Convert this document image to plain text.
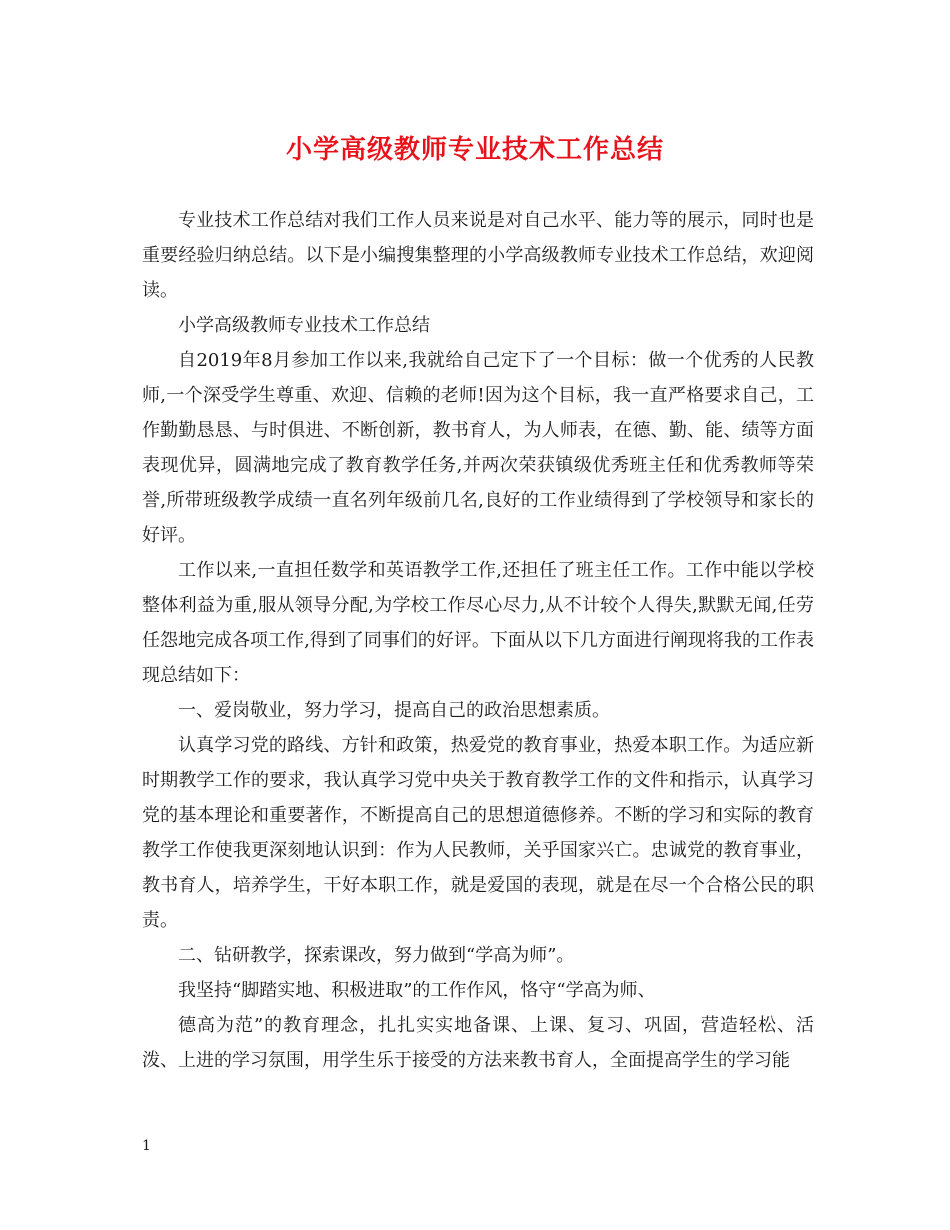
小学高级教师专业技术工作总结

专业技术工作总结对我们工作人员来说是对自己水平、能力等的展示，同时也是重要经验归纳总结。以下是小编搜集整理的小学高级教师专业技术工作总结，欢迎阅读。

小学高级教师专业技术工作总结

自2019年8月参加工作以来,我就给自己定下了一个目标：做一个优秀的人民教师,一个深受学生尊重、欢迎、信赖的老师!因为这个目标，我一直严格要求自己，工作勤勤恳恳、与时俱进、不断创新，教书育人，为人师表，在德、勤、能、绩等方面表现优异，圆满地完成了教育教学任务,并两次荣获镇级优秀班主任和优秀教师等荣誉,所带班级教学成绩一直名列年级前几名,良好的工作业绩得到了学校领导和家长的好评。

工作以来,一直担任数学和英语教学工作,还担任了班主任工作。工作中能以学校整体利益为重,服从领导分配,为学校工作尽心尽力,从不计较个人得失,默默无闻,任劳任怨地完成各项工作,得到了同事们的好评。下面从以下几方面进行阐现将我的工作表现总结如下：

一、爱岗敬业，努力学习，提高自己的政治思想素质。

认真学习党的路线、方针和政策，热爱党的教育事业，热爱本职工作。为适应新时期教学工作的要求，我认真学习党中央关于教育教学工作的文件和指示，认真学习党的基本理论和重要著作，不断提高自己的思想道德修养。不断的学习和实际的教育教学工作使我更深刻地认识到：作为人民教师，关乎国家兴亡。忠诚党的教育事业，教书育人，培养学生，干好本职工作，就是爱国的表现，就是在尽一个合格公民的职责。

二、钻研教学，探索课改，努力做到“学高为师”。

我坚持“脚踏实地、积极进取”的工作作风，恪守“学高为师、

德高为范”的教育理念，扎扎实实地备课、上课、复习、巩固，营造轻松、活泼、上进的学习氛围，用学生乐于接受的方法来教书育人，全面提高学生的学习能

1
